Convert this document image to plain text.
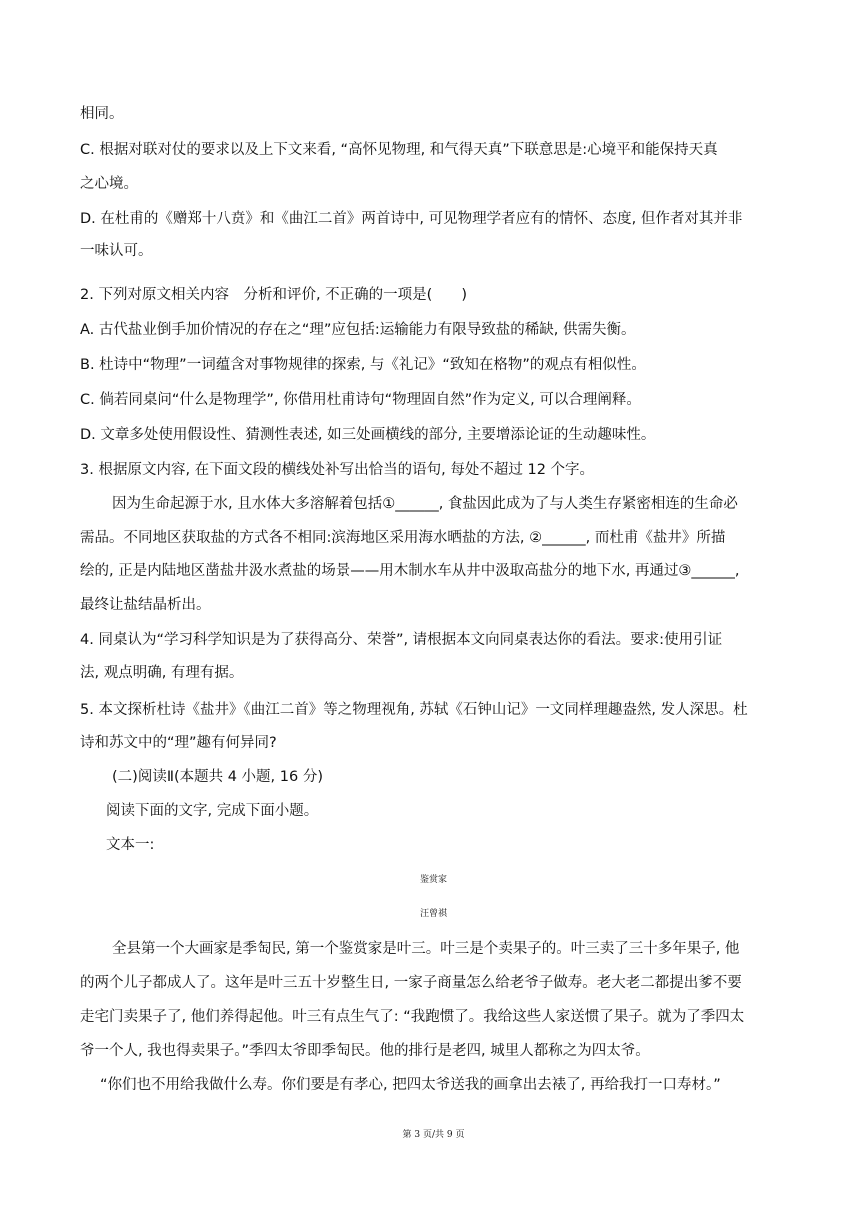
相同。
C. 根据对联对仗的要求以及上下文来看, “高怀见物理, 和气得天真”下联意思是:心境平和能保持天真
之心境。
D. 在杜甫的《赠郑十八贲》和《曲江二首》两首诗中, 可见物理学者应有的情怀、态度, 但作者对其并非
一味认可。
2. 下列对原文相关内容　分析和评价, 不正确的一项是(　　)
A. 古代盐业倒手加价情况的存在之“理”应包括:运输能力有限导致盐的稀缺, 供需失衡。
B. 杜诗中“物理”一词蕴含对事物规律的探索, 与《礼记》“致知在格物”的观点有相似性。
C. 倘若同桌问“什么是物理学”, 你借用杜甫诗句“物理固自然”作为定义, 可以合理阐释。
D. 文章多处使用假设性、猜测性表述, 如三处画横线的部分, 主要增添论证的生动趣味性。
3. 根据原文内容, 在下面文段的横线处补写出恰当的语句, 每处不超过 12 个字。
因为生命起源于水, 且水体大多溶解着包括①______, 食盐因此成为了与人类生存紧密相连的生命必
需品。不同地区获取盐的方式各不相同:滨海地区采用海水晒盐的方法, ②______, 而杜甫《盐井》所描
绘的, 正是内陆地区凿盐井汲水煮盐的场景——用木制水车从井中汲取高盐分的地下水, 再通过③______,
最终让盐结晶析出。
4. 同桌认为“学习科学知识是为了获得高分、荣誉”, 请根据本文向同桌表达你的看法。要求:使用引证
法, 观点明确, 有理有据。
5. 本文探析杜诗《盐井》《曲江二首》等之物理视角, 苏轼《石钟山记》一文同样理趣盎然, 发人深思。杜
诗和苏文中的“理”趣有何异同?
(二)阅读Ⅱ(本题共 4 小题, 16 分)
阅读下面的文字, 完成下面小题。
文本一:
鉴赏家
汪曾祺
全县第一个大画家是季匋民, 第一个鉴赏家是叶三。叶三是个卖果子的。叶三卖了三十多年果子, 他
的两个儿子都成人了。这年是叶三五十岁整生日, 一家子商量怎么给老爷子做寿。老大老二都提出爹不要
走宅门卖果子了, 他们养得起他。叶三有点生气了: “我跑惯了。我给这些人家送惯了果子。就为了季四太
爷一个人, 我也得卖果子。”季四太爷即季匋民。他的排行是老四, 城里人都称之为四太爷。
“你们也不用给我做什么寿。你们要是有孝心, 把四太爷送我的画拿出去裱了, 再给我打一口寿材。”
第 3 页/共 9 页
